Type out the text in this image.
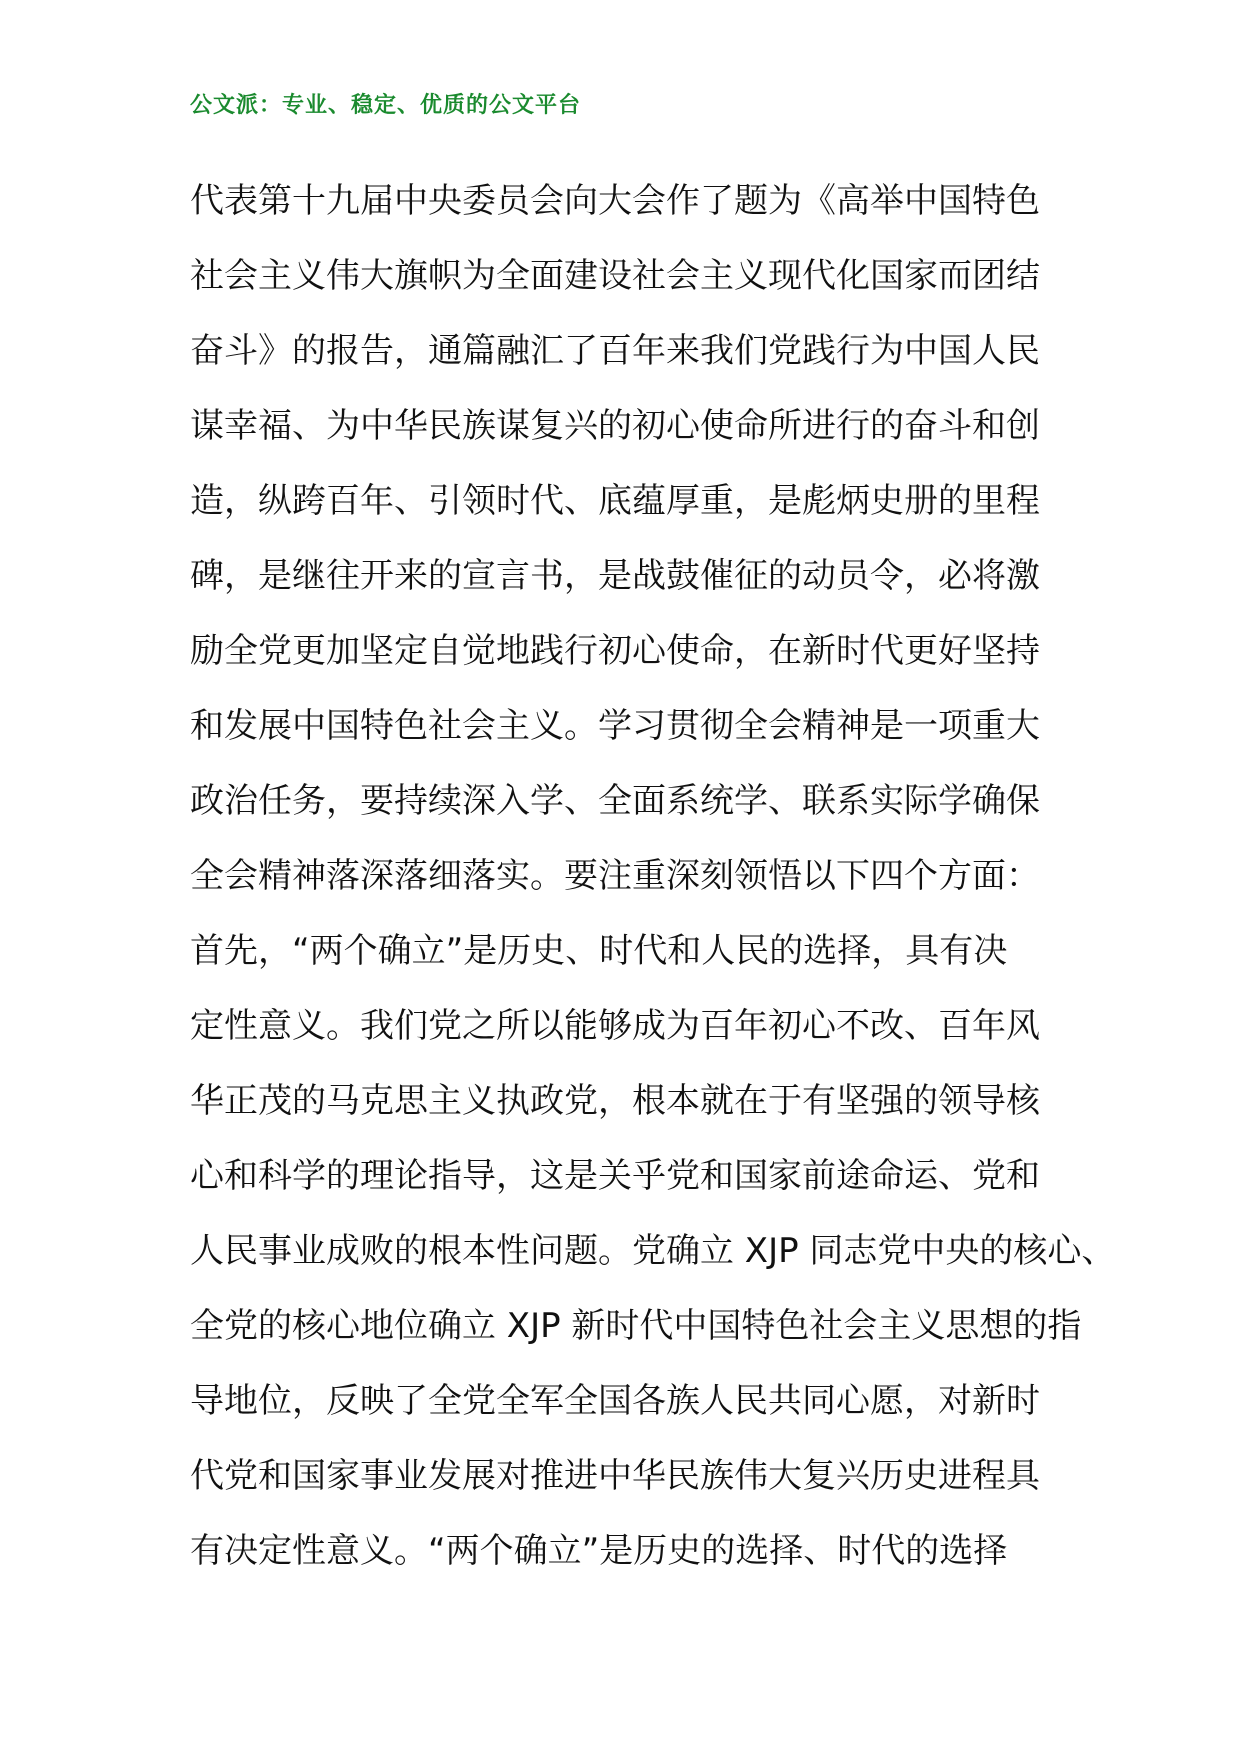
公文派：专业、稳定、优质的公文平台
代表第十九届中央委员会向大会作了题为《高举中国特色
社会主义伟大旗帜为全面建设社会主义现代化国家而团结
奋斗》的报告，通篇融汇了百年来我们党践行为中国人民
谋幸福、为中华民族谋复兴的初心使命所进行的奋斗和创
造，纵跨百年、引领时代、底蕴厚重，是彪炳史册的里程
碑，是继往开来的宣言书，是战鼓催征的动员令，必将激
励全党更加坚定自觉地践行初心使命，在新时代更好坚持
和发展中国特色社会主义。学习贯彻全会精神是一项重大
政治任务，要持续深入学、全面系统学、联系实际学确保
全会精神落深落细落实。要注重深刻领悟以下四个方面：
首先，“两个确立”是历史、时代和人民的选择，具有决
定性意义。我们党之所以能够成为百年初心不改、百年风
华正茂的马克思主义执政党，根本就在于有坚强的领导核
心和科学的理论指导，这是关乎党和国家前途命运、党和
人民事业成败的根本性问题。党确立 XJP 同志党中央的核心、
全党的核心地位确立 XJP 新时代中国特色社会主义思想的指
导地位，反映了全党全军全国各族人民共同心愿，对新时
代党和国家事业发展对推进中华民族伟大复兴历史进程具
有决定性意义。“两个确立”是历史的选择、时代的选择
